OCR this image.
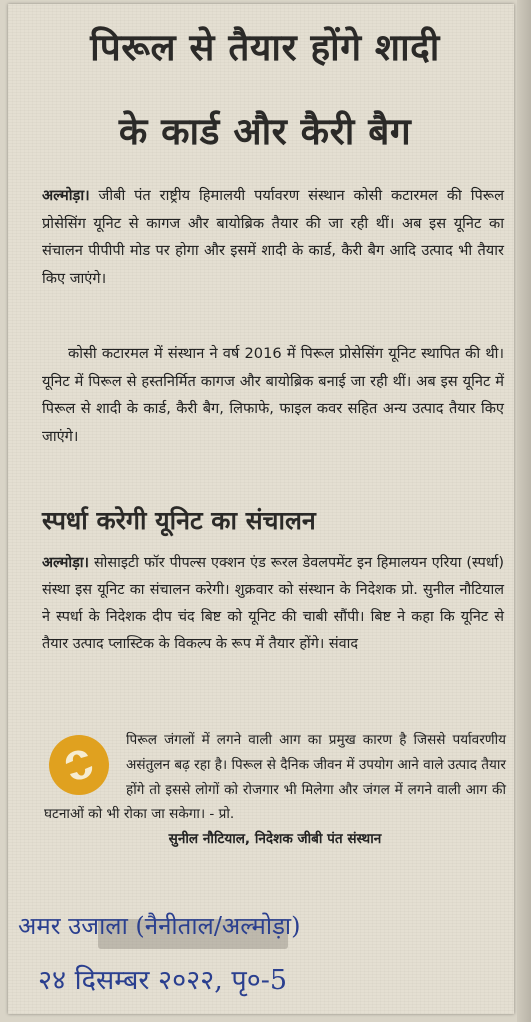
पिरूल से तैयार होंगे शादी
के कार्ड और कैरी बैग
अल्मोड़ा। जीबी पंत राष्ट्रीय हिमालयी पर्यावरण संस्थान कोसी कटारमल की पिरूल प्रोसेसिंग यूनिट से कागज और बायोब्रिक तैयार की जा रही थीं। अब इस यूनिट का संचालन पीपीपी मोड पर होगा और इसमें शादी के कार्ड, कैरी बैग आदि उत्पाद भी तैयार किए जाएंगे।
कोसी कटारमल में संस्थान ने वर्ष 2016 में पिरूल प्रोसेसिंग यूनिट स्थापित की थी। यूनिट में पिरूल से हस्तनिर्मित कागज और बायोब्रिक बनाई जा रही थीं। अब इस यूनिट में पिरूल से शादी के कार्ड, कैरी बैग, लिफाफे, फाइल कवर सहित अन्य उत्पाद तैयार किए जाएंगे।
स्पर्धा करेगी यूनिट का संचालन
अल्मोड़ा। सोसाइटी फॉर पीपल्स एक्शन एंड रूरल डेवलपमेंट इन हिमालयन एरिया (स्पर्धा) संस्था इस यूनिट का संचालन करेगी। शुक्रवार को संस्थान के निदेशक प्रो. सुनील नौटियाल ने स्पर्धा के निदेशक दीप चंद बिष्ट को यूनिट की चाबी सौंपी। बिष्ट ने कहा कि यूनिट से तैयार उत्पाद प्लास्टिक के विकल्प के रूप में तैयार होंगे। संवाद
पिरूल जंगलों में लगने वाली आग का प्रमुख कारण है जिससे पर्यावरणीय असंतुलन बढ़ रहा है। पिरूल से दैनिक जीवन में उपयोग आने वाले उत्पाद तैयार होंगे तो इससे लोगों को रोजगार भी मिलेगा और जंगल में लगने वाली आग की घटनाओं को भी रोका जा सकेगा। - प्रो.
सुनील नौटियाल, निदेशक जीबी पंत संस्थान
अमर उजाला (नैनीताल/अल्मोड़ा)
२४ दिसम्बर २०२२, पृ०-5
